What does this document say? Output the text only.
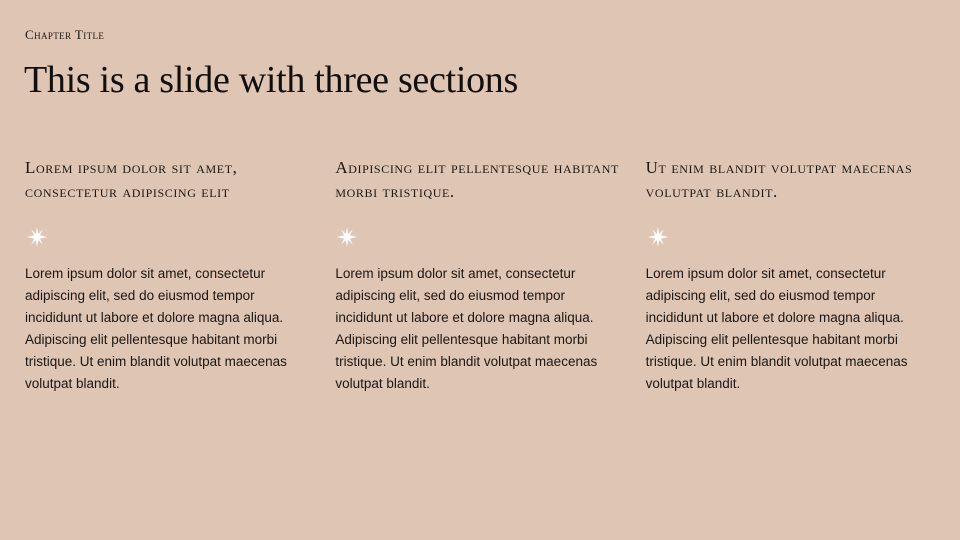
Chapter Title
This is a slide with three sections
Lorem ipsum dolor sit amet, consectetur adipiscing elit

Lorem ipsum dolor sit amet, consectetur adipiscing elit, sed do eiusmod tempor incididunt ut labore et dolore magna aliqua. Adipiscing elit pellentesque habitant morbi tristique. Ut enim blandit volutpat maecenas volutpat blandit.

Adipiscing elit pellentesque habitant morbi tristique.

Lorem ipsum dolor sit amet, consectetur adipiscing elit, sed do eiusmod tempor incididunt ut labore et dolore magna aliqua. Adipiscing elit pellentesque habitant morbi tristique. Ut enim blandit volutpat maecenas volutpat blandit.

Ut enim blandit volutpat maecenas volutpat blandit.

Lorem ipsum dolor sit amet, consectetur adipiscing elit, sed do eiusmod tempor incididunt ut labore et dolore magna aliqua. Adipiscing elit pellentesque habitant morbi tristique. Ut enim blandit volutpat maecenas volutpat blandit.
